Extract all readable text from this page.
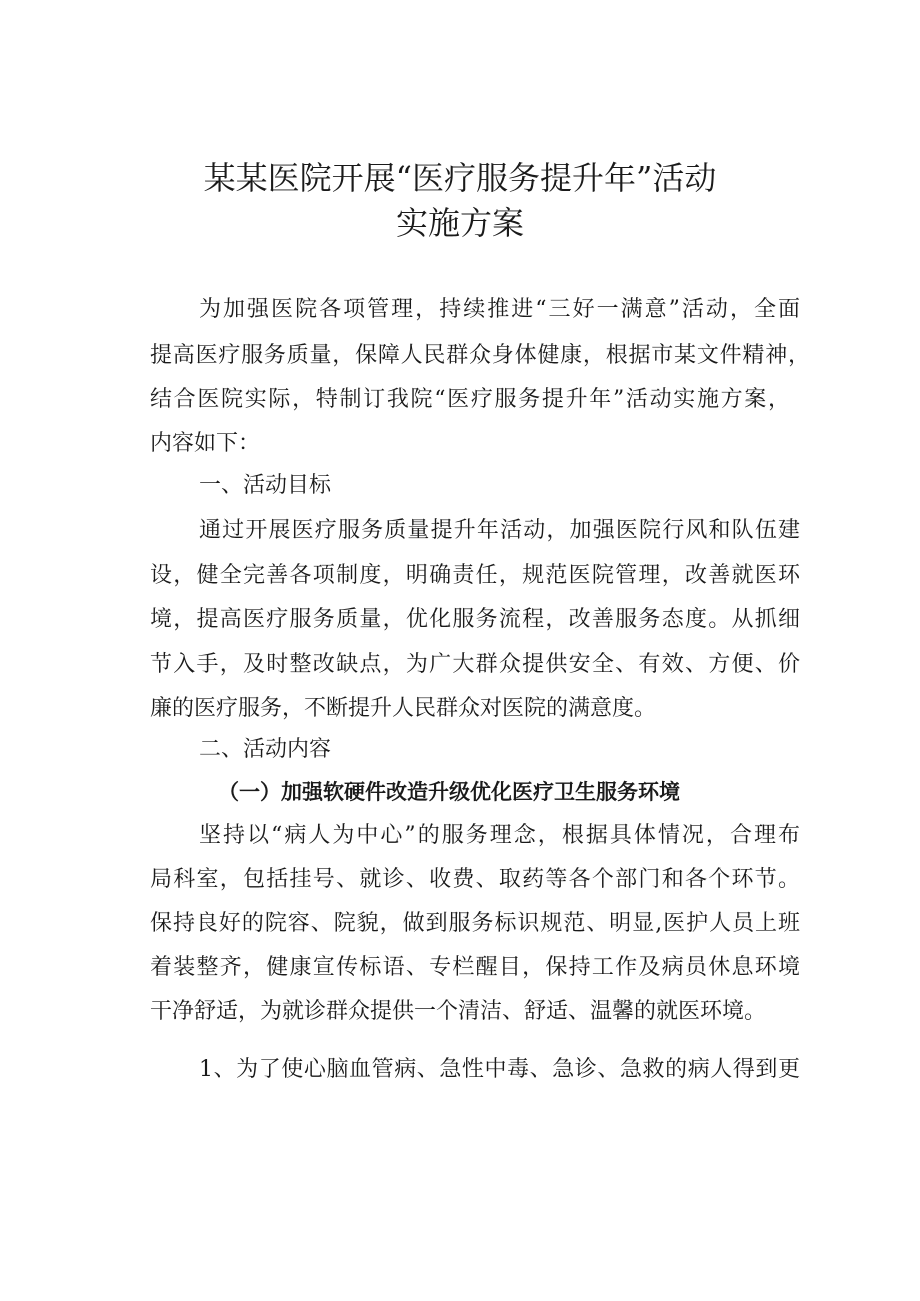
某某医院开展“医疗服务提升年”活动
实施方案
为加强医院各项管理，持续推进“三好一满意”活动，全面
提高医疗服务质量，保障人民群众身体健康，根据市某文件精神，
结合医院实际，特制订我院“医疗服务提升年”活动实施方案，
内容如下：
一、活动目标
通过开展医疗服务质量提升年活动，加强医院行风和队伍建
设，健全完善各项制度，明确责任，规范医院管理，改善就医环
境，提高医疗服务质量，优化服务流程，改善服务态度。从抓细
节入手，及时整改缺点，为广大群众提供安全、有效、方便、价
廉的医疗服务，不断提升人民群众对医院的满意度。
二、活动内容
（一）加强软硬件改造升级优化医疗卫生服务环境
坚持以“病人为中心”的服务理念，根据具体情况，合理布
局科室，包括挂号、就诊、收费、取药等各个部门和各个环节。
保持良好的院容、院貌，做到服务标识规范、明显,医护人员上班
着装整齐，健康宣传标语、专栏醒目，保持工作及病员休息环境
干净舒适，为就诊群众提供一个清洁、舒适、温馨的就医环境。
1、为了使心脑血管病、急性中毒、急诊、急救的病人得到更
